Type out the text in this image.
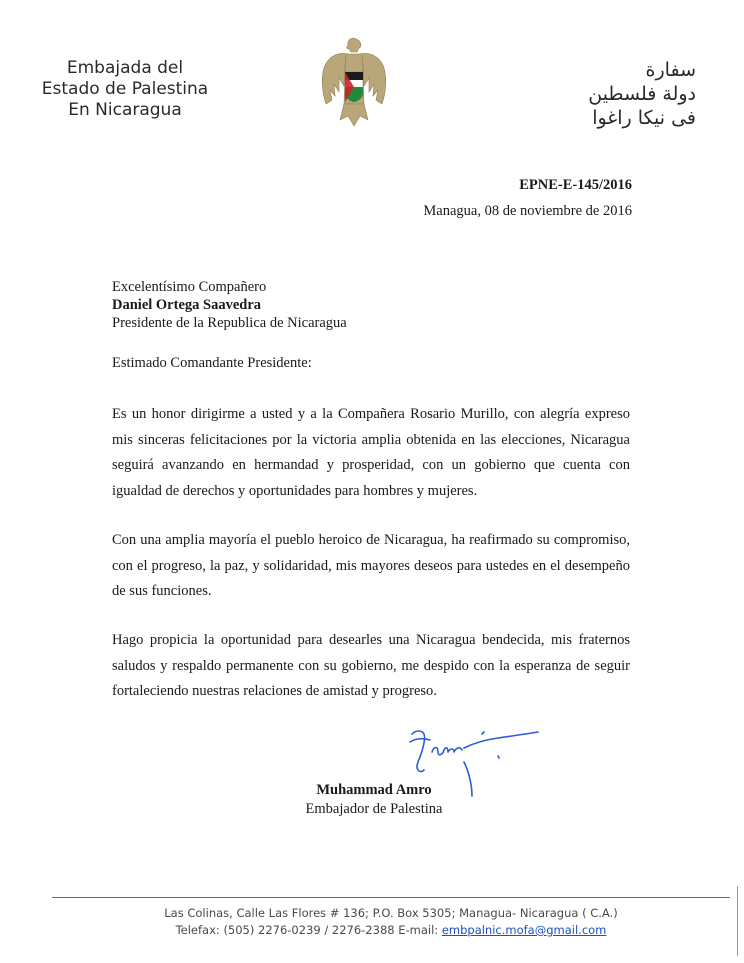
Embajada del
Estado de Palestina
En Nicaragua
سفارة
دولة فلسطين
فى نيكا راغوا
EPNE-E-145/2016
Managua, 08 de noviembre de 2016
Excelentísimo Compañero
Daniel Ortega Saavedra
Presidente de la Republica de Nicaragua
Estimado Comandante Presidente:

Es un honor dirigirme a usted y a la Compañera Rosario Murillo, con alegría expreso mis sinceras felicitaciones por la victoria amplia obtenida en las elecciones, Nicaragua seguirá avanzando en hermandad y prosperidad, con un gobierno que cuenta con igualdad de derechos y oportunidades para hombres y mujeres.

Con una amplia mayoría el pueblo heroico de Nicaragua, ha reafirmado su compromiso, con el progreso, la paz, y solidaridad, mis mayores deseos para ustedes en el desempeño de sus funciones.

Hago propicia la oportunidad para desearles una Nicaragua bendecida, mis fraternos saludos y respaldo permanente con su gobierno, me despido con la esperanza de seguir fortaleciendo nuestras relaciones de amistad y progreso.

Muhammad Amro
Embajador de Palestina
Las Colinas, Calle Las Flores # 136; P.O. Box 5305; Managua- Nicaragua ( C.A.)
Telefax: (505) 2276-0239 / 2276-2388 E-mail: embpalnic.mofa@gmail.com
